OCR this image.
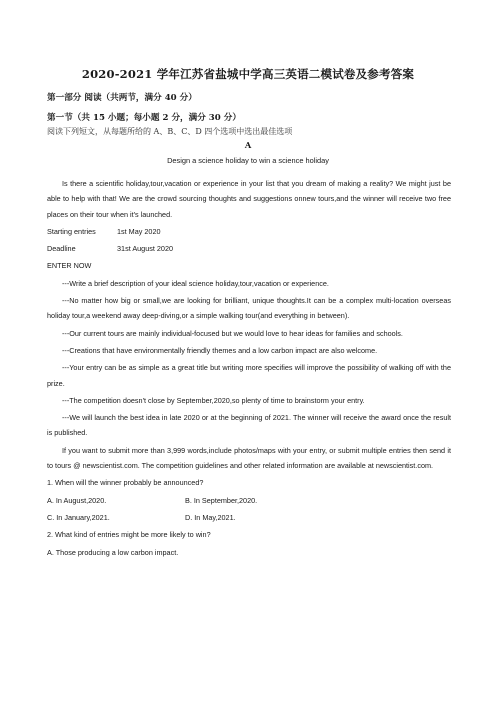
2020-2021 学年江苏省盐城中学高三英语二模试卷及参考答案
第一部分 阅读（共两节，满分 40 分）
第一节（共 15 小题；每小题 2 分，满分 30 分）
阅读下列短文，从每题所给的 A、B、C、D 四个选项中选出最佳选项
A
Design a science holiday to win a science holiday

Is there a scientific holiday,tour,vacation or experience in your list that you dream of making a reality? We might just be able to help with that! We are the crowd sourcing thoughts and suggestions onnew tours,and the winner will receive two free places on their tour when it's launched.

Starting entries	1st May 2020
Deadline	31st August 2020

ENTER NOW

---Write a brief description of your ideal science holiday,tour,vacation or experience.

---No matter how big or small,we are looking for brilliant, unique thoughts.It can be a complex multi-location overseas holiday tour,a weekend away deep-diving,or a simple walking tour(and everything in between).

---Our current tours are mainly individual-focused but we would love to hear ideas for families and schools.

---Creations that have environmentally friendly themes and a low carbon impact are also welcome.

---Your entry can be as simple as a great title but writing more specifies will improve the possibility of walking off with the prize.

---The competition doesn't close by September,2020,so plenty of time to brainstorm your entry.

---We will launch the best idea in late 2020 or at the beginning of 2021. The winner will receive the award once the result is published.

If you want to submit more than 3,999 words,include photos/maps with your entry, or submit multiple entries then send it to tours @ newscientist.com. The competition guidelines and other related information are available at newscientist.com.

1. When will the winner probably be announced?

A. In August,2020.	B. In September,2020.
C. In January,2021.	D. In May,2021.

2. What kind of entries might be more likely to win?

A. Those producing a low carbon impact.
